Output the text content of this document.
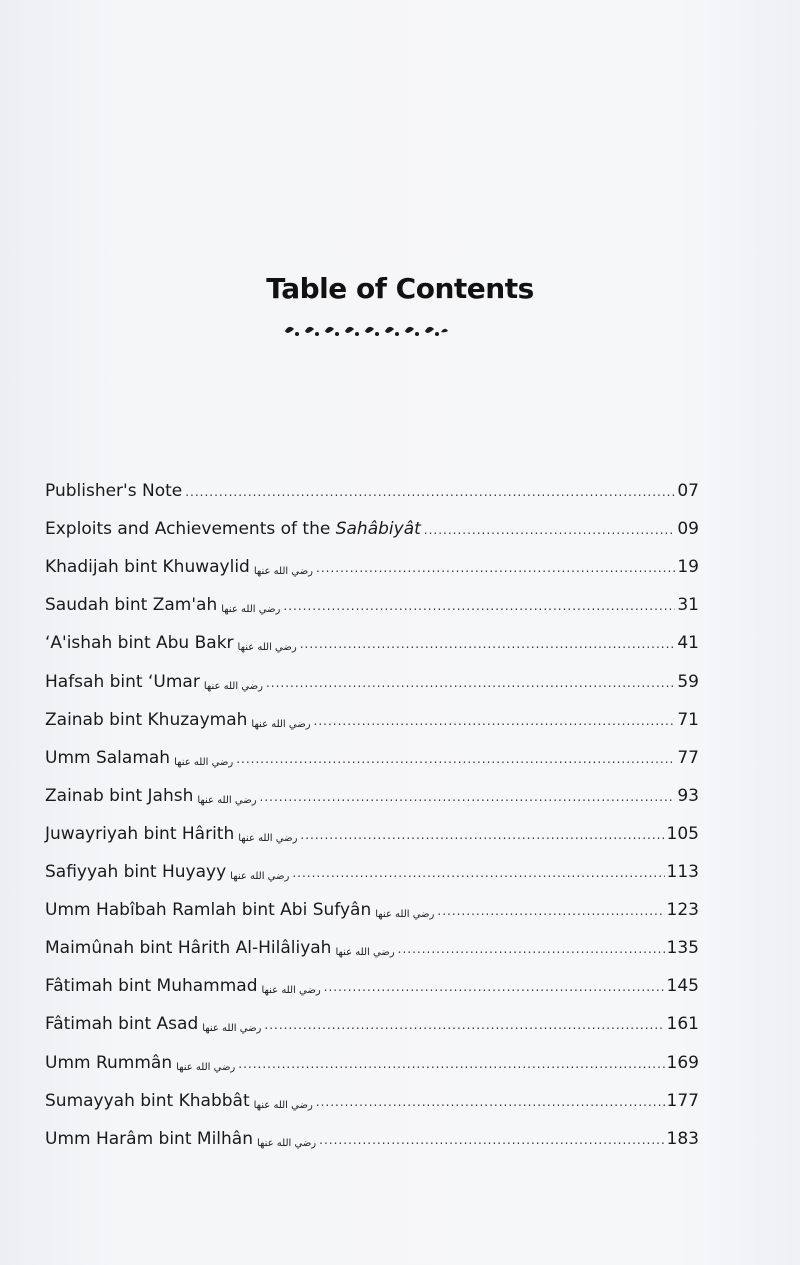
Table of Contents
Publisher's Note .....	07
Exploits and Achievements of the Sahâbiyât .....	09
Khadijah bint Khuwaylid رضي الله عنها .....	19
Saudah bint Zam'ah رضي الله عنها .....	31
‘A'ishah bint Abu Bakr رضي الله عنها .....	41
Hafsah bint ‘Umar رضي الله عنها .....	59
Zainab bint Khuzaymah رضي الله عنها .....	71
Umm Salamah رضي الله عنها .....	77
Zainab bint Jahsh رضي الله عنها .....	93
Juwayriyah bint Hârith رضي الله عنها .....	105
Safiyyah bint Huyayy رضي الله عنها .....	113
Umm Habîbah Ramlah bint Abi Sufyân رضي الله عنها .....	123
Maimûnah bint Hârith Al-Hilâliyah رضي الله عنها .....	135
Fâtimah bint Muhammad رضي الله عنها .....	145
Fâtimah bint Asad رضي الله عنها .....	161
Umm Rummân رضي الله عنها .....	169
Sumayyah bint Khabbât رضي الله عنها .....	177
Umm Harâm bint Milhân رضي الله عنها .....	183
